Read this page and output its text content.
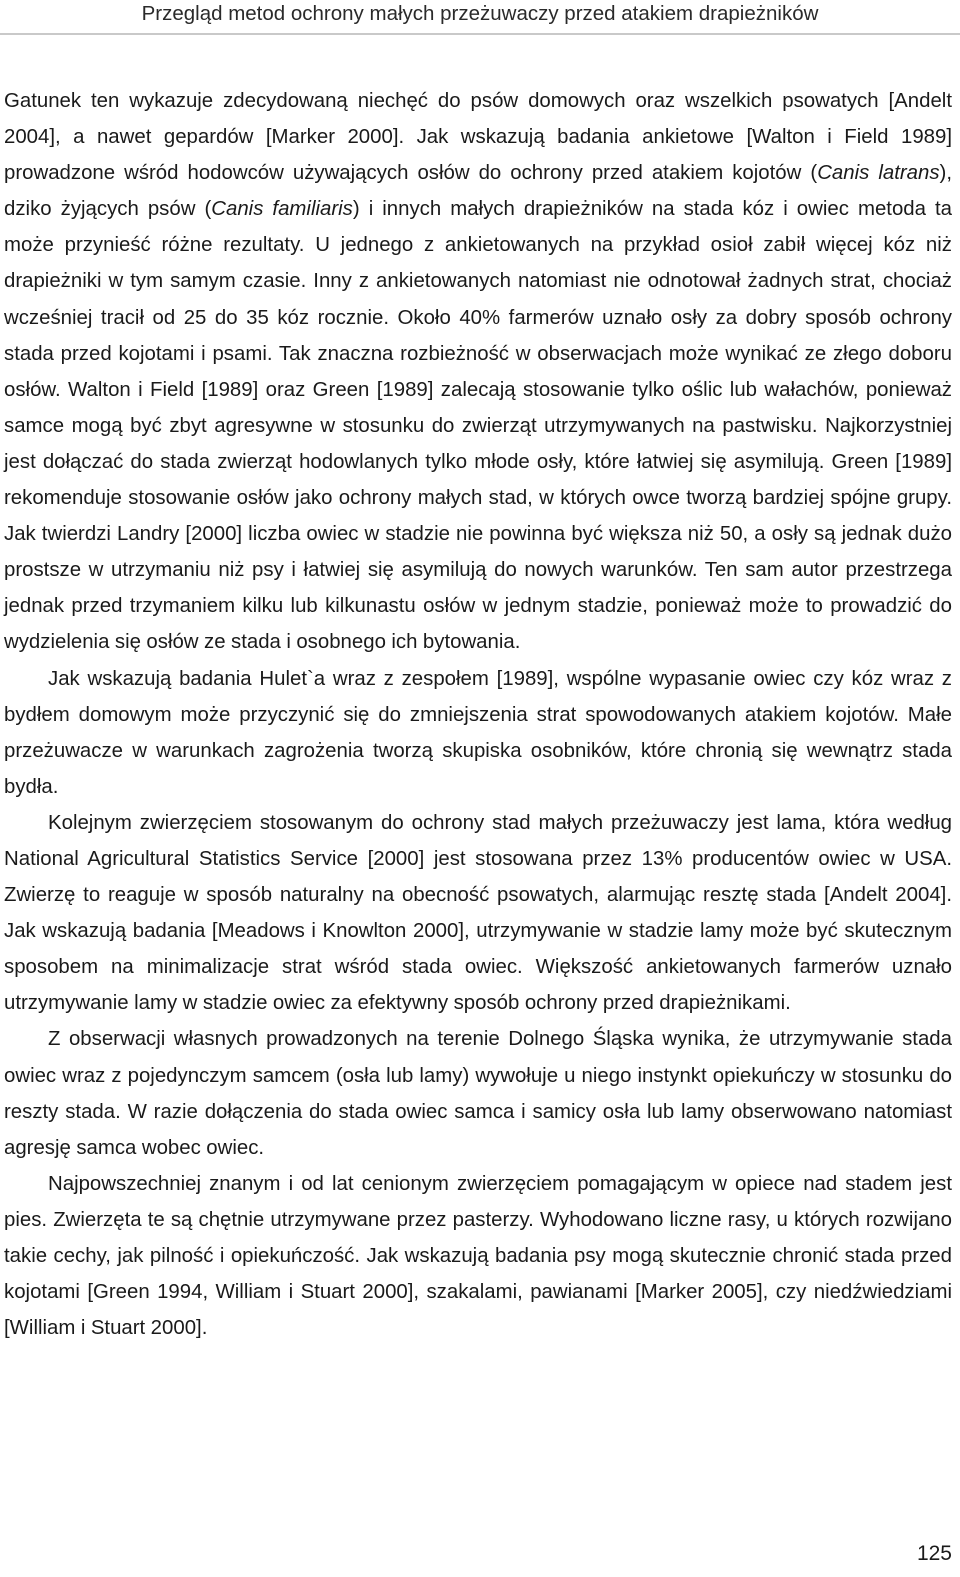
Przegląd metod ochrony małych przeżuwaczy przed atakiem drapieżników

Gatunek ten wykazuje zdecydowaną niechęć do psów domowych oraz wszelkich psowatych [Andelt 2004], a nawet gepardów [Marker 2000]. Jak wskazują badania ankietowe [Walton i Field 1989] prowadzone wśród hodowców używających osłów do ochrony przed atakiem kojotów (Canis latrans), dziko żyjących psów (Canis familiaris) i innych małych drapieżników na stada kóz i owiec metoda ta może przynieść różne rezultaty. U jednego z ankietowanych na przykład osioł zabił więcej kóz niż drapieżniki w tym samym czasie. Inny z ankietowanych natomiast nie odnotował żadnych strat, chociaż wcześniej tracił od 25 do 35 kóz rocznie. Około 40% farmerów uznało osły za dobry sposób ochrony stada przed kojotami i psami. Tak znaczna rozbieżność w obserwacjach może wynikać ze złego doboru osłów. Walton i Field [1989] oraz Green [1989] zalecają stosowanie tylko oślic lub wałachów, ponieważ samce mogą być zbyt agresywne w stosunku do zwierząt utrzymywanych na pastwisku. Najkorzystniej jest dołączać do stada zwierząt hodowlanych tylko młode osły, które łatwiej się asymilują. Green [1989] rekomenduje stosowanie osłów jako ochrony małych stad, w których owce tworzą bardziej spójne grupy. Jak twierdzi Landry [2000] liczba owiec w stadzie nie powinna być większa niż 50, a osły są jednak dużo prostsze w utrzymaniu niż psy i łatwiej się asymilują do nowych warunków. Ten sam autor przestrzega jednak przed trzymaniem kilku lub kilkunastu osłów w jednym stadzie, ponieważ może to prowadzić do wydzielenia się osłów ze stada i osobnego ich bytowania.

Jak wskazują badania Hulet`a wraz z zespołem [1989], wspólne wypasanie owiec czy kóz wraz z bydłem domowym może przyczynić się do zmniejszenia strat spowodowanych atakiem kojotów. Małe przeżuwacze w warunkach zagrożenia tworzą skupiska osobników, które chronią się wewnątrz stada bydła.

Kolejnym zwierzęciem stosowanym do ochrony stad małych przeżuwaczy jest lama, która według National Agricultural Statistics Service [2000] jest stosowana przez 13% producentów owiec w USA. Zwierzę to reaguje w sposób naturalny na obecność psowatych, alarmując resztę stada [Andelt 2004]. Jak wskazują badania [Meadows i Knowlton 2000], utrzymywanie w stadzie lamy może być skutecznym sposobem na minimalizacje strat wśród stada owiec. Większość ankietowanych farmerów uznało utrzymywanie lamy w stadzie owiec za efektywny sposób ochrony przed drapieżnikami.

Z obserwacji własnych prowadzonych na terenie Dolnego Śląska wynika, że utrzymywanie stada owiec wraz z pojedynczym samcem (osła lub lamy) wywołuje u niego instynkt opiekuńczy w stosunku do reszty stada. W razie dołączenia do stada owiec samca i samicy osła lub lamy obserwowano natomiast agresję samca wobec owiec.

Najpowszechniej znanym i od lat cenionym zwierzęciem pomagającym w opiece nad stadem jest pies. Zwierzęta te są chętnie utrzymywane przez pasterzy. Wyhodowano liczne rasy, u których rozwijano takie cechy, jak pilność i opiekuńczość. Jak wskazują badania psy mogą skutecznie chronić stada przed kojotami [Green 1994, William i Stuart 2000], szakalami, pawianami [Marker 2005], czy niedźwiedziami [William i Stuart 2000].

125
